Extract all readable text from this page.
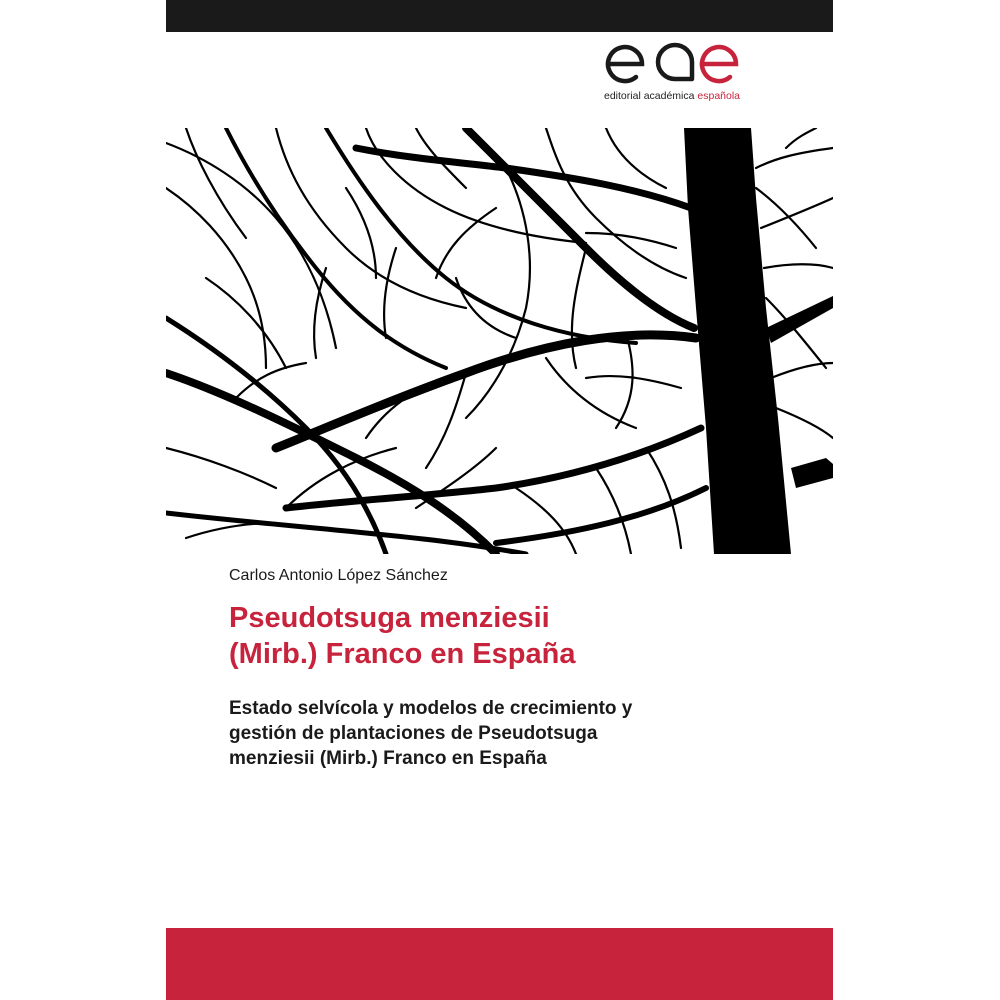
editorial académica española
Carlos Antonio López Sánchez
Pseudotsuga menziesii
(Mirb.) Franco en España
Estado selvícola y modelos de crecimiento y
gestión de plantaciones de Pseudotsuga
menziesii (Mirb.) Franco en España
